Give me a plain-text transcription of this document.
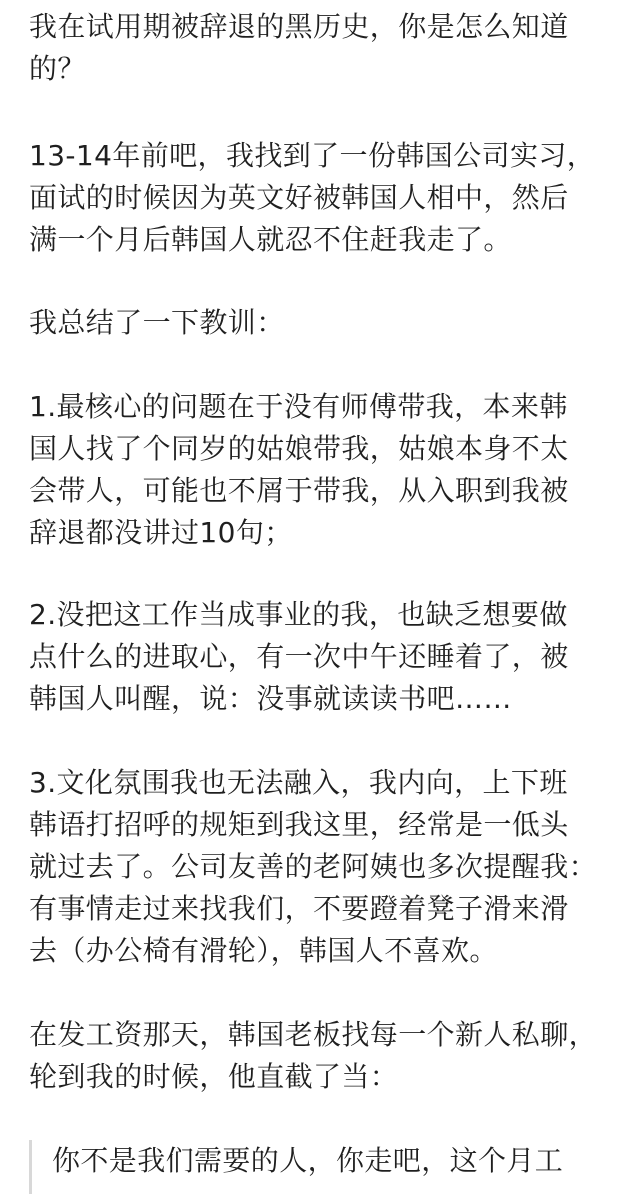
我在试用期被辞退的黑历史，你是怎么知道
的？

13-14年前吧，我找到了一份韩国公司实习，
面试的时候因为英文好被韩国人相中，然后
满一个月后韩国人就忍不住赶我走了。

我总结了一下教训：

1.最核心的问题在于没有师傅带我，本来韩
国人找了个同岁的姑娘带我，姑娘本身不太
会带人，可能也不屑于带我，从入职到我被
辞退都没讲过10句；

2.没把这工作当成事业的我，也缺乏想要做
点什么的进取心，有一次中午还睡着了，被
韩国人叫醒，说：没事就读读书吧……

3.文化氛围我也无法融入，我内向，上下班
韩语打招呼的规矩到我这里，经常是一低头
就过去了。公司友善的老阿姨也多次提醒我：
有事情走过来找我们，不要蹬着凳子滑来滑
去（办公椅有滑轮），韩国人不喜欢。

在发工资那天，韩国老板找每一个新人私聊，
轮到我的时候，他直截了当：

你不是我们需要的人，你走吧，这个月工
